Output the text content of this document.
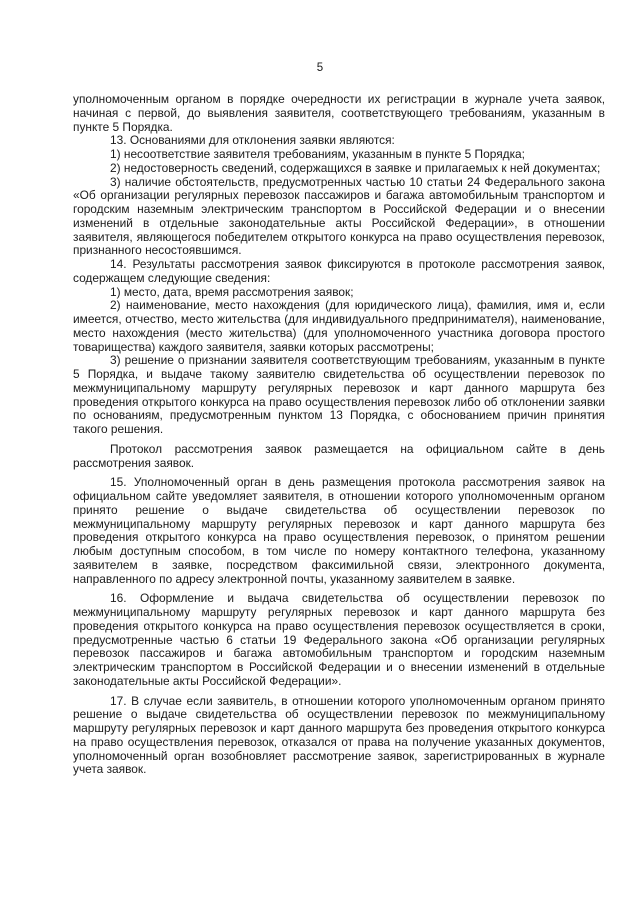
5

уполномоченным органом в порядке очередности их регистрации в журнале учета заявок, начиная с первой, до выявления заявителя, соответствующего требованиям, указанным в пункте 5 Порядка.

13. Основаниями для отклонения заявки являются:

1) несоответствие заявителя требованиям, указанным в пункте 5 Порядка;

2) недостоверность сведений, содержащихся в заявке и прилагаемых к ней документах;

3) наличие обстоятельств, предусмотренных частью 10 статьи 24 Федерального закона «Об организации регулярных перевозок пассажиров и багажа автомобильным транспортом и городским наземным электрическим транспортом в Российской Федерации и о внесении изменений в отдельные законодательные акты Российской Федерации», в отношении заявителя, являющегося победителем открытого конкурса на право осуществления перевозок, признанного несостоявшимся.

14. Результаты рассмотрения заявок фиксируются в протоколе рассмотрения заявок, содержащем следующие сведения:

1) место, дата, время рассмотрения заявок;

2) наименование, место нахождения (для юридического лица), фамилия, имя и, если имеется, отчество, место жительства (для индивидуального предпринимателя), наименование, место нахождения (место жительства) (для уполномоченного участника договора простого товарищества) каждого заявителя, заявки которых рассмотрены;

3) решение о признании заявителя соответствующим требованиям, указанным в пункте 5 Порядка, и выдаче такому заявителю свидетельства об осуществлении перевозок по межмуниципальному маршруту регулярных перевозок и карт данного маршрута без проведения открытого конкурса на право осуществления перевозок либо об отклонении заявки по основаниям, предусмотренным пунктом 13 Порядка, с обоснованием причин принятия такого решения.

Протокол рассмотрения заявок размещается на официальном сайте в день рассмотрения заявок.

15. Уполномоченный орган в день размещения протокола рассмотрения заявок на официальном сайте уведомляет заявителя, в отношении которого уполномоченным органом принято решение о выдаче свидетельства об осуществлении перевозок по межмуниципальному маршруту регулярных перевозок и карт данного маршрута без проведения открытого конкурса на право осуществления перевозок, о принятом решении любым доступным способом, в том числе по номеру контактного телефона, указанному заявителем в заявке, посредством факсимильной связи, электронного документа, направленного по адресу электронной почты, указанному заявителем в заявке.

16. Оформление и выдача свидетельства об осуществлении перевозок по межмуниципальному маршруту регулярных перевозок и карт данного маршрута без проведения открытого конкурса на право осуществления перевозок осуществляется в сроки, предусмотренные частью 6 статьи 19 Федерального закона «Об организации регулярных перевозок пассажиров и багажа автомобильным транспортом и городским наземным электрическим транспортом в Российской Федерации и о внесении изменений в отдельные законодательные акты Российской Федерации».

17. В случае если заявитель, в отношении которого уполномоченным органом принято решение о выдаче свидетельства об осуществлении перевозок по межмуниципальному маршруту регулярных перевозок и карт данного маршрута без проведения открытого конкурса на право осуществления перевозок, отказался от права на получение указанных документов, уполномоченный орган возобновляет рассмотрение заявок, зарегистрированных в журнале учета заявок.
